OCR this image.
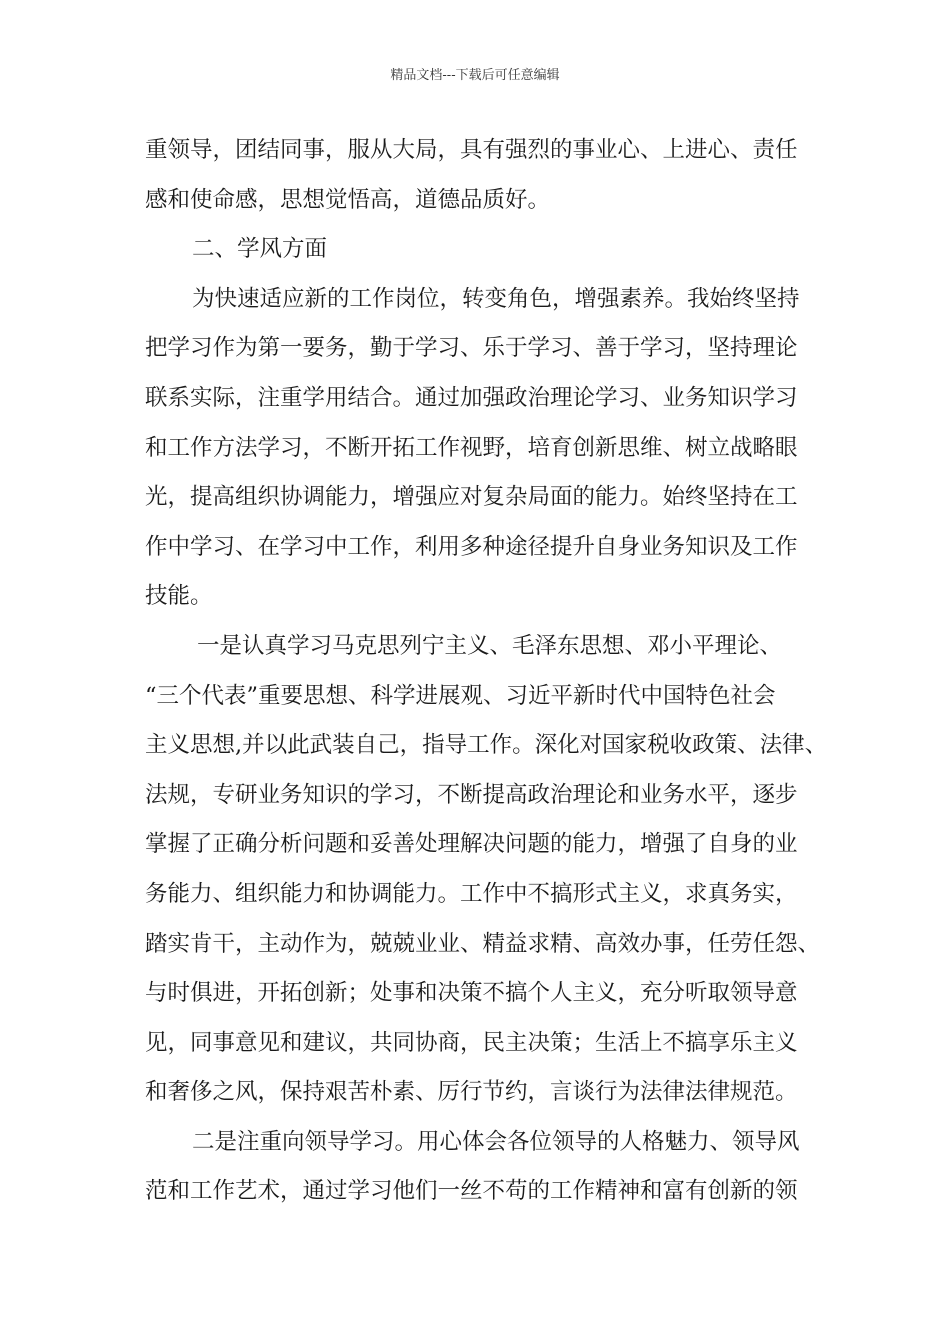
精品文档---下载后可任意编辑
重领导，团结同事，服从大局，具有强烈的事业心、上进心、责任
感和使命感，思想觉悟高，道德品质好。
二、学风方面
为快速适应新的工作岗位，转变角色，增强素养。我始终坚持
把学习作为第一要务，勤于学习、乐于学习、善于学习，坚持理论
联系实际，注重学用结合。通过加强政治理论学习、业务知识学习
和工作方法学习，不断开拓工作视野，培育创新思维、树立战略眼
光，提高组织协调能力，增强应对复杂局面的能力。始终坚持在工
作中学习、在学习中工作，利用多种途径提升自身业务知识及工作
技能。
一是认真学习马克思列宁主义、毛泽东思想、邓小平理论、
“三个代表”重要思想、科学进展观、习近平新时代中国特色社会
主义思想,并以此武装自己，指导工作。深化对国家税收政策、法律、
法规，专研业务知识的学习，不断提高政治理论和业务水平，逐步
掌握了正确分析问题和妥善处理解决问题的能力，增强了自身的业
务能力、组织能力和协调能力。工作中不搞形式主义，求真务实，
踏实肯干，主动作为，兢兢业业、精益求精、高效办事，任劳任怨、
与时俱进，开拓创新；处事和决策不搞个人主义，充分听取领导意
见，同事意见和建议，共同协商，民主决策；生活上不搞享乐主义
和奢侈之风，保持艰苦朴素、厉行节约，言谈行为法律法律规范。
二是注重向领导学习。用心体会各位领导的人格魅力、领导风
范和工作艺术，通过学习他们一丝不苟的工作精神和富有创新的领
